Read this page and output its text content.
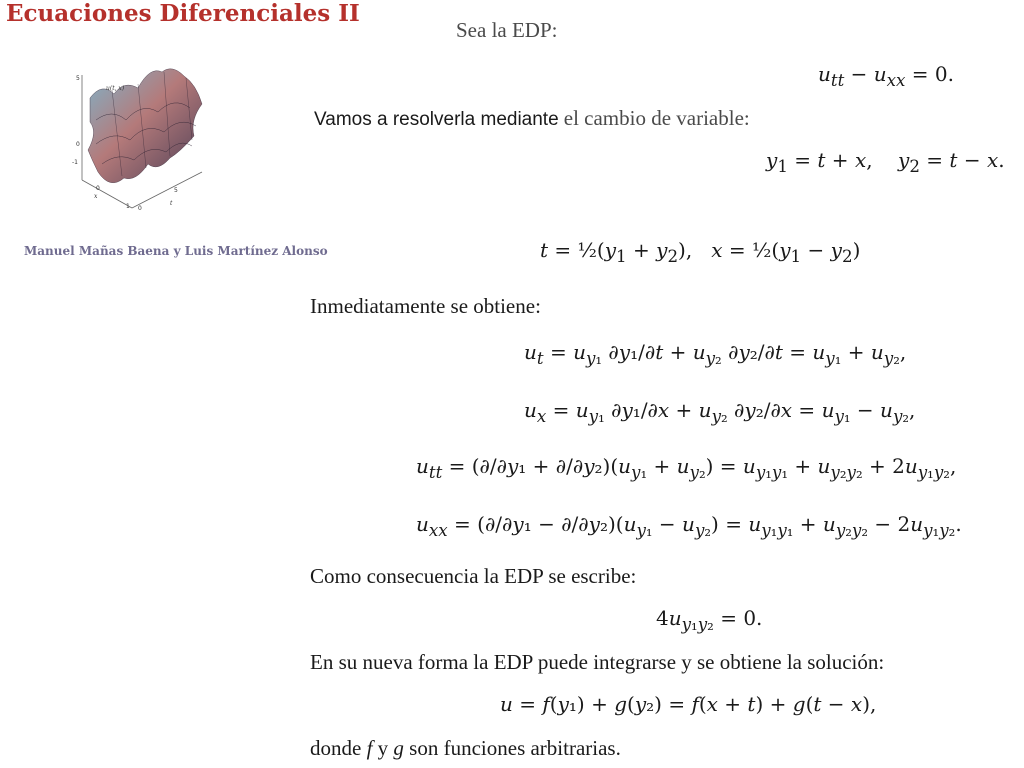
Ecuaciones Diferenciales II
u(t, x)
5
0
-1
0
x
1 0
5
t
Manuel Mañas Baena y Luis Martínez Alonso
Sea la EDP:
$u_{tt} - u_{xx} = 0$.
Vamos a resolverla mediante el cambio de variable:
$y_1 = t + x$,    $y_2 = t - x$.
$t = \frac{1}{2}(y_1 + y_2)$,   $x = \frac{1}{2}(y_1 - y_2)$
Inmediatamente se obtiene:
$u_t = u_{y_1}$ $\partial y_1/\partial t + u_{y_2}$ $\partial y_2/\partial t = u_{y_1} + u_{y_2}$,
$u_x = u_{y_1}$ $\partial y_1/\partial x + u_{y_2}$ $\partial y_2/\partial x = u_{y_1} - u_{y_2}$,
$u_{tt} = (\partial/\partial y_1 + \partial/\partial y_2)(u_{y_1} + u_{y_2}) = u_{y_1y_1} + u_{y_2y_2} + 2u_{y_1y_2}$,
$u_{xx} = (\partial/\partial y_1 - \partial/\partial y_2)(u_{y_1} - u_{y_2}) = u_{y_1y_1} + u_{y_2y_2} - 2u_{y_1y_2}$.
Como consecuencia la EDP se escribe:
$4u_{y_1y_2} = 0$.
En su nueva forma la EDP puede integrarse y se obtiene la solución:
u = f(y₁) + g(y₂) = f(x + t) + g(t − x),
donde f y g son funciones arbitrarias.
